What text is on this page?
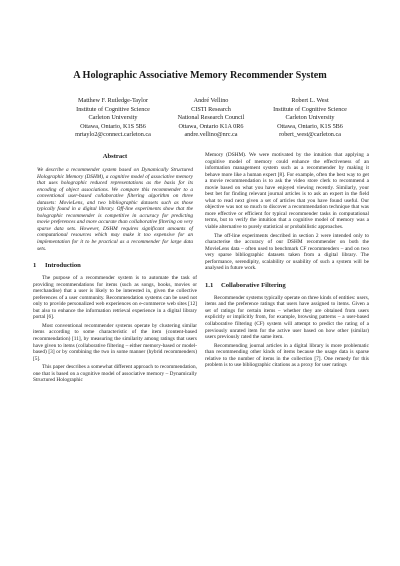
A Holographic Associative Memory Recommender System
Matthew F. Rutledge-Taylor
Institute of Cognitive Science
Carleton University
Ottawa, Ontario, K1S 5B6
mrtaylo2@connect.carleton.ca
André Vellino
CISTI Research
National Research Council
Ottawa, Ontario K1A 0R6
andre.vellino@nrc.ca
Robert L. West
Institute of Cognitive Science
Carleton University
Ottawa, Ontario, K1S 5B6
robert_west@carleton.ca
Abstract

We describe a recommender system based on Dynamically Structured Holographic Memory (DSHM), a cognitive model of associative memory that uses holographic reduced representations as the basis for its encoding of object associations. We compare this recommender to a conventional user-based collaborative filtering algorithm on three datasets: MovieLens, and two bibliographic datasets such as those typically found in a digital library. Off-line experiments show that the holographic recommender is competitive in accuracy for predicting movie preferences and more accurate than collaborative filtering on very sparse data sets. However, DSHM requires significant amounts of computational resources which may make it too expensive for an implementation for it to be practical as a recommender for large data sets.

1 Introduction

The purpose of a recommender system is to automate the task of providing recommendations for items (such as songs, books, movies or merchandise) that a user is likely to be interested in, given the collective preferences of a user community. Recommendation systems can be used not only to provide personalized web experiences on e-commerce web sites [12] but also to enhance the information retrieval experience in a digital library portal [6].

Most conventional recommender systems operate by clustering similar items according to some characteristic of the item (content-based recommendation) [11], by measuring the similarity among ratings that users have given to items (collaborative filtering – either memory-based or model-based) [3] or by combining the two in some manner (hybrid recommenders) [5].

This paper describes a somewhat different approach to recommendation, one that is based on a cognitive model of associative memory – Dynamically Structured Holographic

Memory (DSHM). We were motivated by the intuition that applying a cognitive model of memory could enhance the effectiveness of an information management system such as a recommender by making it behave more like a human expert [8]. For example, often the best way to get a movie recommendation is to ask the video store clerk to recommend a movie based on what you have enjoyed viewing recently. Similarly, your best bet for finding relevant journal articles is to ask an expert in the field what to read next given a set of articles that you have found useful. Our objective was not so much to discover a recommendation technique that was more effective or efficient for typical recommender tasks in computational terms, but to verify the intuition that a cognitive model of memory was a viable alternative to purely statistical or probabilistic approaches.

The off-line experiments described in section 2 were intended only to characterise the accuracy of our DSHM recommender on both the MovieLens data – often used to benchmark CF recommenders – and on two very sparse bibliographic datasets taken from a digital library. The performance, serendipity, scalability or usability of such a system will be analysed in future work.

1.1 Collaborative Filtering

Recommender systems typically operate on three kinds of entities: users, items and the preference ratings that users have assigned to items. Given a set of ratings for certain items – whether they are obtained from users explicitly or implicitly from, for example, browsing patterns – a user-based collaborative filtering (CF) system will attempt to predict the rating of a previously unrated item for the active user based on how other (similar) users previously rated the same item.

Recommending journal articles in a digital library is more problematic than recommending other kinds of items because the usage data is sparse relative to the number of items in the collection [7]. One remedy for this problem is to use bibliographic citations as a proxy for user ratings
